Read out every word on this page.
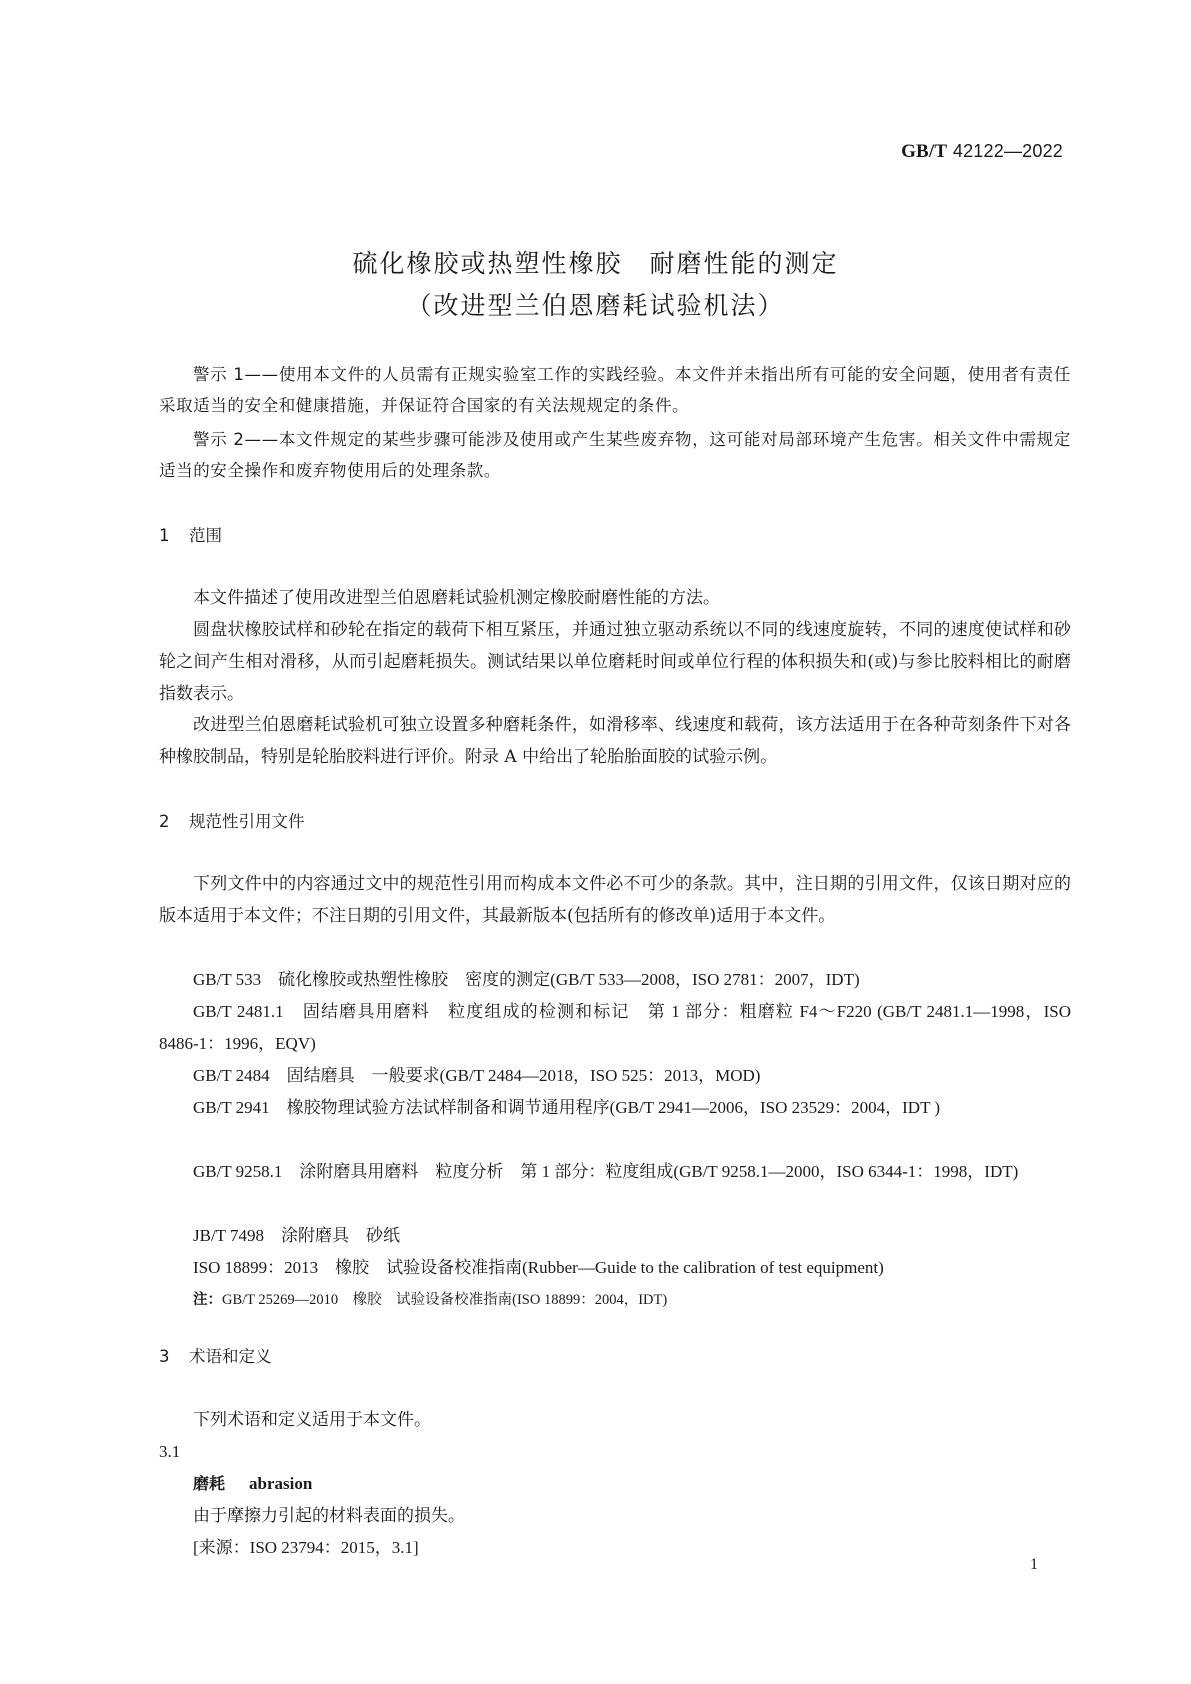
GB/T 42122—2022
硫化橡胶或热塑性橡胶　耐磨性能的测定
（改进型兰伯恩磨耗试验机法）
警示 1——使用本文件的人员需有正规实验室工作的实践经验。本文件并未指出所有可能的安全问题，使用者有责任采取适当的安全和健康措施，并保证符合国家的有关法规规定的条件。
警示 2——本文件规定的某些步骤可能涉及使用或产生某些废弃物，这可能对局部环境产生危害。相关文件中需规定适当的安全操作和废弃物使用后的处理条款。
1 范围
本文件描述了使用改进型兰伯恩磨耗试验机测定橡胶耐磨性能的方法。
圆盘状橡胶试样和砂轮在指定的载荷下相互紧压，并通过独立驱动系统以不同的线速度旋转，不同的速度使试样和砂轮之间产生相对滑移，从而引起磨耗损失。测试结果以单位磨耗时间或单位行程的体积损失和(或)与参比胶料相比的耐磨指数表示。
改进型兰伯恩磨耗试验机可独立设置多种磨耗条件，如滑移率、线速度和载荷，该方法适用于在各种苛刻条件下对各种橡胶制品，特别是轮胎胶料进行评价。附录 A 中给出了轮胎胎面胶的试验示例。
2 规范性引用文件
下列文件中的内容通过文中的规范性引用而构成本文件必不可少的条款。其中，注日期的引用文件，仅该日期对应的版本适用于本文件；不注日期的引用文件，其最新版本(包括所有的修改单)适用于本文件。
GB/T 533　硫化橡胶或热塑性橡胶　密度的测定(GB/T 533—2008，ISO 2781：2007，IDT)
GB/T 2481.1　固结磨具用磨料　粒度组成的检测和标记　第 1 部分：粗磨粒 F4～F220 (GB/T 2481.1—1998，ISO 8486-1：1996，EQV)
GB/T 2484　固结磨具　一般要求(GB/T 2484—2018，ISO 525：2013，MOD)
GB/T 2941　橡胶物理试验方法试样制备和调节通用程序(GB/T 2941—2006，ISO 23529：2004，IDT )
GB/T 9258.1　涂附磨具用磨料　粒度分析　第 1 部分：粒度组成(GB/T 9258.1—2000，ISO 6344-1：1998，IDT)
JB/T 7498　涂附磨具　砂纸
ISO 18899：2013　橡胶　试验设备校准指南(Rubber—Guide to the calibration of test equipment)
注：GB/T 25269—2010　橡胶　试验设备校准指南(ISO 18899：2004，IDT)
3 术语和定义
下列术语和定义适用于本文件。
3.1
磨耗 abrasion
由于摩擦力引起的材料表面的损失。
[来源：ISO 23794：2015，3.1]
1
